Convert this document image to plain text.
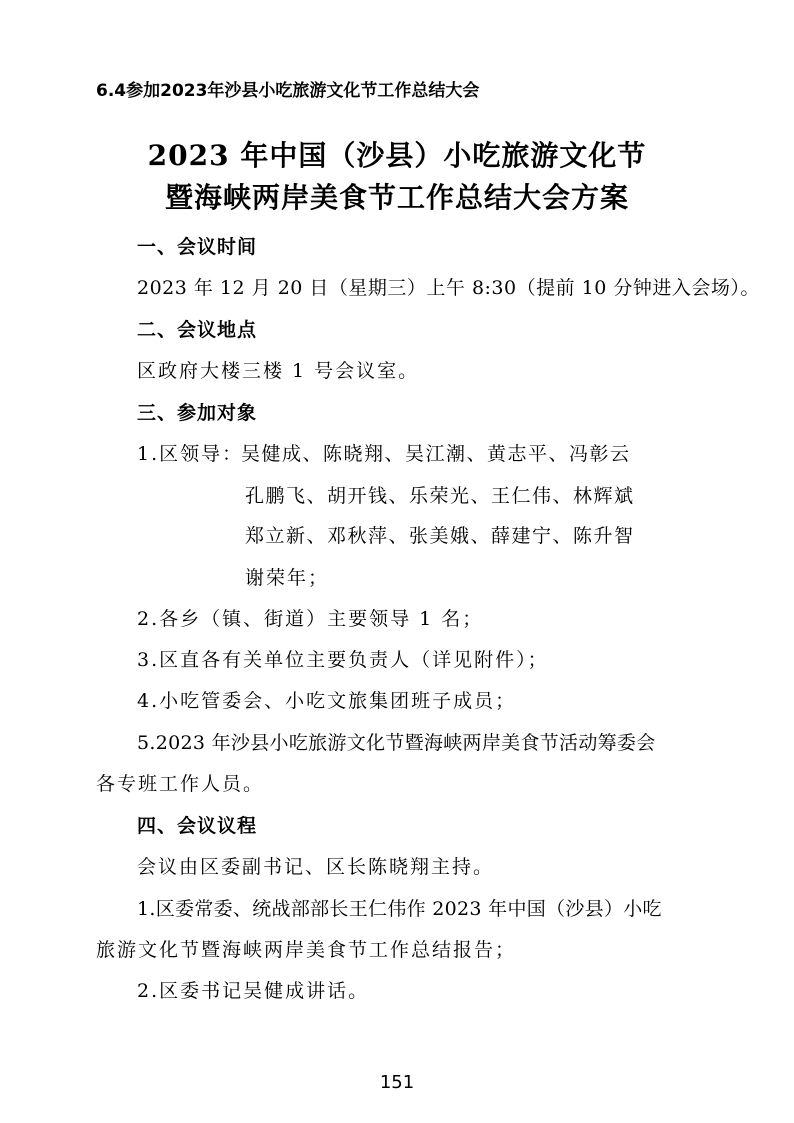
6.4参加2023年沙县小吃旅游文化节工作总结大会
2023 年中国（沙县）小吃旅游文化节
暨海峡两岸美食节工作总结大会方案
一、会议时间
2023 年 12 月 20 日（星期三）上午 8:30（提前 10 分钟进入会场）。
二、会议地点
区政府大楼三楼 1 号会议室。
三、参加对象
1.区领导：
吴健成、陈晓翔、吴江潮、黄志平、冯彰云
孔鹏飞、胡开钱、乐荣光、王仁伟、林辉斌
郑立新、邓秋萍、张美娥、薛建宁、陈升智
谢荣年；
2.各乡（镇、街道）主要领导 1 名；
3.区直各有关单位主要负责人（详见附件）；
4.小吃管委会、小吃文旅集团班子成员；
5.2023 年沙县小吃旅游文化节暨海峡两岸美食节活动筹委会
各专班工作人员。
四、会议议程
会议由区委副书记、区长陈晓翔主持。
1.区委常委、统战部部长王仁伟作 2023 年中国（沙县）小吃
旅游文化节暨海峡两岸美食节工作总结报告；
2.区委书记吴健成讲话。
151
